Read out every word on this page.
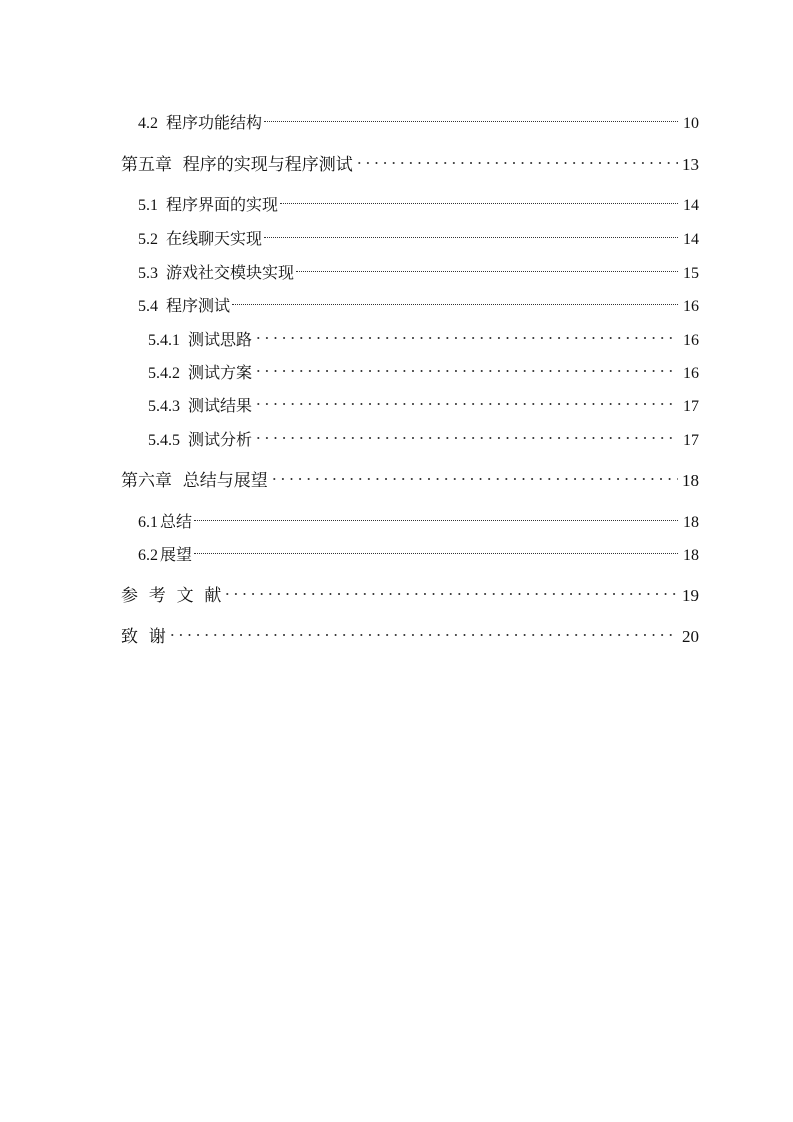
4.2 程序功能结构	10
第五章  程序的实现与程序测试	13
5.1 程序界面的实现	14
5.2 在线聊天实现	14
5.3 游戏社交模块实现	15
5.4 程序测试	16
5.4.1 测试思路	16
5.4.2 测试方案	16
5.4.3 测试结果	17
5.4.5 测试分析	17
第六章  总结与展望	18
6.1 总结	18
6.2 展望	18
参  考  文  献	19
致  谢	20
